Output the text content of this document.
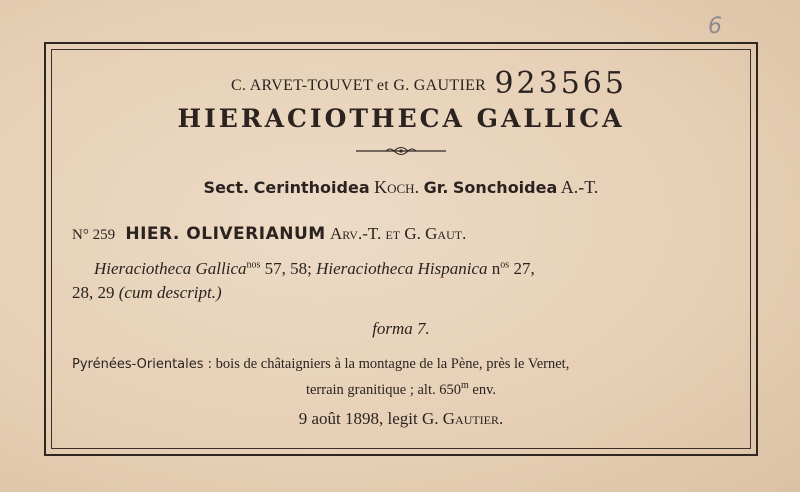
6
C. ARVET-TOUVET et G. GAUTIER 923565
HIERACIOTHECA GALLICA
Sect. Cerinthoidea Koch. Gr. Sonchoidea A.-T.
N° 259 HIER. OLIVERIANUM Arv.-T. et G. Gaut.
Hieraciotheca Gallica$^{nos}$ 57, 58; Hieraciotheca Hispanica $n^{os}$ 27,
28, 29 (cum descript.)
forma 7.
Pyrénées-Orientales : bois de châtaigniers à la montagne de la Pène, près le Vernet,
terrain granitique ; alt. 650$^m$ env.
9 août 1898, legit G. Gautier.
